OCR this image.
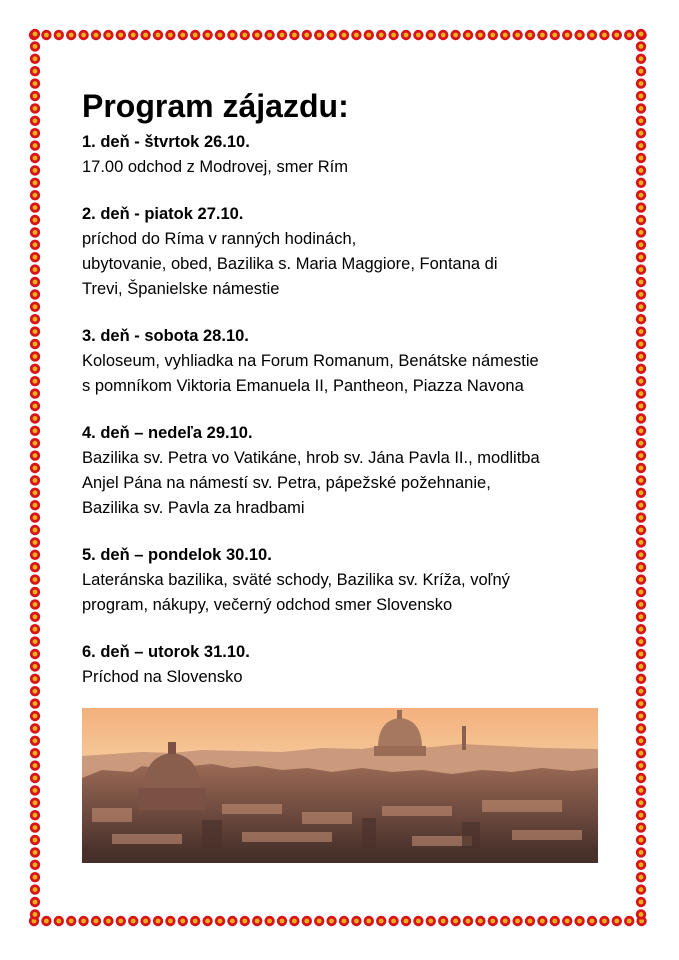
Program zájazdu:
1. deň - štvrtok 26.10.
17.00 odchod z Modrovej, smer Rím
2. deň - piatok 27.10.
príchod do Ríma v ranných hodinách,
ubytovanie, obed, Bazilika s. Maria Maggiore, Fontana di
Trevi, Španielske námestie
3. deň - sobota 28.10.
Koloseum, vyhliadka na Forum Romanum, Benátske námestie
s pomníkom Viktoria Emanuela II, Pantheon, Piazza Navona
4. deň – nedeľa 29.10.
Bazilika sv. Petra vo Vatikáne, hrob sv. Jána Pavla II., modlitba
Anjel Pána na námestí sv. Petra, pápežské požehnanie,
Bazilika sv. Pavla za hradbami
5. deň – pondelok 30.10.
Lateránska bazilika, sväté schody, Bazilika sv. Kríža, voľný
program, nákupy, večerný odchod smer Slovensko
6. deň – utorok 31.10.
Príchod na Slovensko
